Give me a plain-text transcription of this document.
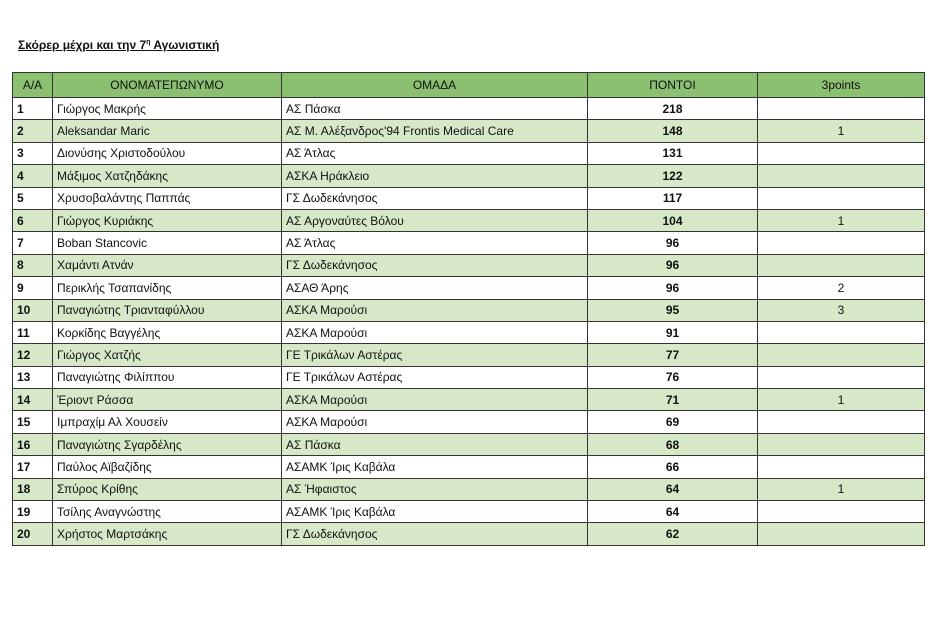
Σκόρερ μέχρι και την $7^\eta$ Αγωνιστική
Α/Α	ΟΝΟΜΑΤΕΠΩΝΥΜΟ	ΟΜΑΔΑ	ΠΟΝΤΟΙ	3points
1	Γιώργος Μακρής	ΑΣ Πάσκα	218	
2	Aleksandar Maric	ΑΣ Μ. Αλέξανδρος'94 Frontis Medical Care	148	1
3	Διονύσης Χριστοδούλου	ΑΣ Άτλας	131	
4	Μάξιμος Χατζηδάκης	ΑΣΚΑ Ηράκλειο	122	
5	Χρυσοβαλάντης Παππάς	ΓΣ Δωδεκάνησος	117	
6	Γιώργος Κυριάκης	ΑΣ Αργοναύτες Βόλου	104	1
7	Boban Stancovic	ΑΣ Άτλας	96	
8	Χαμάντι Ατνάν	ΓΣ Δωδεκάνησος	96	
9	Περικλής Τσαπανίδης	ΑΣΑΘ Άρης	96	2
10	Παναγιώτης Τριανταφύλλου	ΑΣΚΑ Μαρούσι	95	3
11	Κορκίδης Βαγγέλης	ΑΣΚΑ Μαρούσι	91	
12	Γιώργος Χατζής	ΓΕ Τρικάλων Αστέρας	77	
13	Παναγιώτης Φιλίππου	ΓΕ Τρικάλων Αστέρας	76	
14	Έριοντ Ράσσα	ΑΣΚΑ Μαρούσι	71	1
15	Ιμπραχίμ Αλ Χουσείν	ΑΣΚΑ Μαρούσι	69	
16	Παναγιώτης Σγαρδέλης	ΑΣ Πάσκα	68	
17	Παύλος Αϊβαζίδης	ΑΣΑΜΚ Ίρις Καβάλα	66	
18	Σπύρος Κρίθης	ΑΣ Ήφαιστος	64	1
19	Τσίλης Αναγνώστης	ΑΣΑΜΚ Ίρις Καβάλα	64	
20	Χρήστος Μαρτσάκης	ΓΣ Δωδεκάνησος	62	
